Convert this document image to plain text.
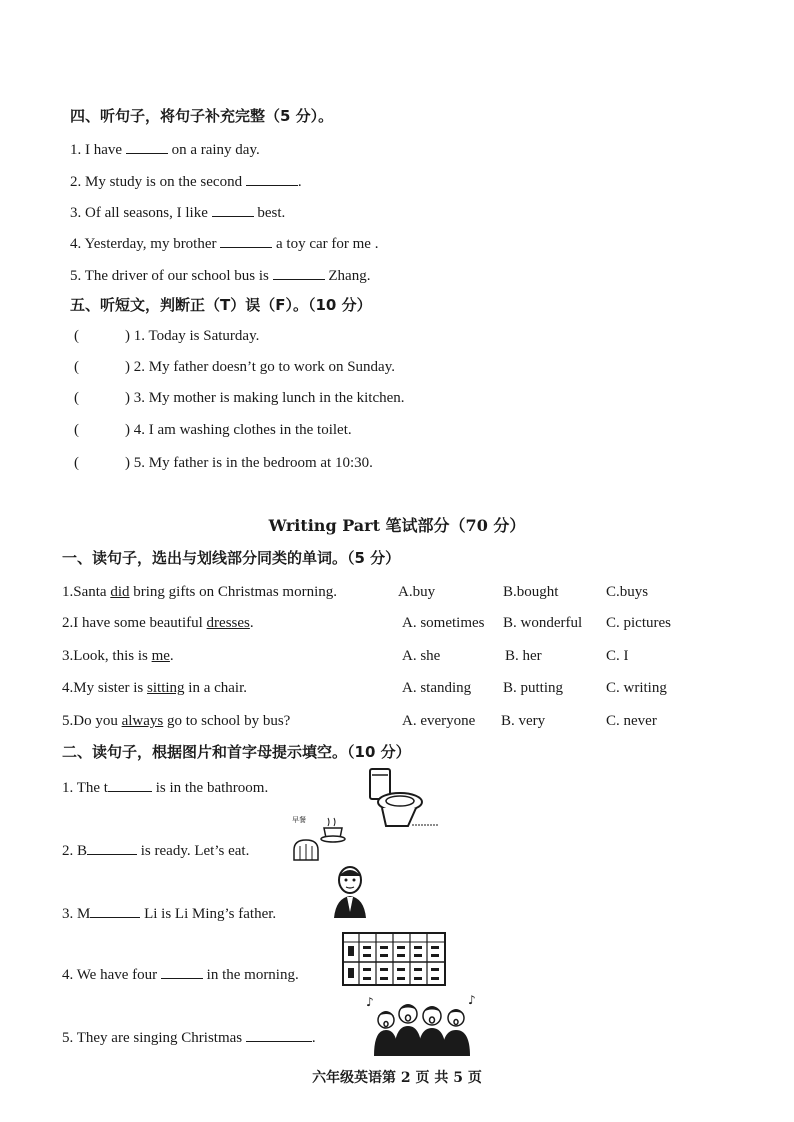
四、听句子，将句子补充完整（5 分）。
1. I have	on a rainy day.
2. My study is on the second	.
3. Of all seasons, I like	best.
4. Yesterday, my brother	a toy car for me .
5. The driver of our school bus is	Zhang.
五、听短文，判断正（T）误（F）。（10 分）
(	) 1. Today is Saturday.
(	) 2. My father doesn’t go to work on Sunday.
(	) 3. My mother is making lunch in the kitchen.
(	) 4. I am washing clothes in the toilet.
(	) 5. My father is in the bedroom at 10:30.
Writing Part 笔试部分（70 分）
一、读句子，选出与划线部分同类的单词。（5 分）
1.Santa did bring gifts on Christmas morning.	A.buy	B.bought	C.buys
2.I have some beautiful dresses.	A. sometimes B. wonderful C. pictures
3.Look, this is me.	A. she	B. her	C. I
4.My sister is sitting in a chair.	A. standing B. putting	C. writing
5.Do you always go to school by bus?	A. everyone B. very	C. never
二、读句子，根据图片和首字母提示填空。（10 分）
1. The t	is in the bathroom.
2. B	is ready. Let’s eat.
3. M	Li is Li Ming’s father.
4. We have four	in the morning.
5. They are singing Christmas	.
早餐
♪	♪
六年级英语第 2 页 共 5 页
